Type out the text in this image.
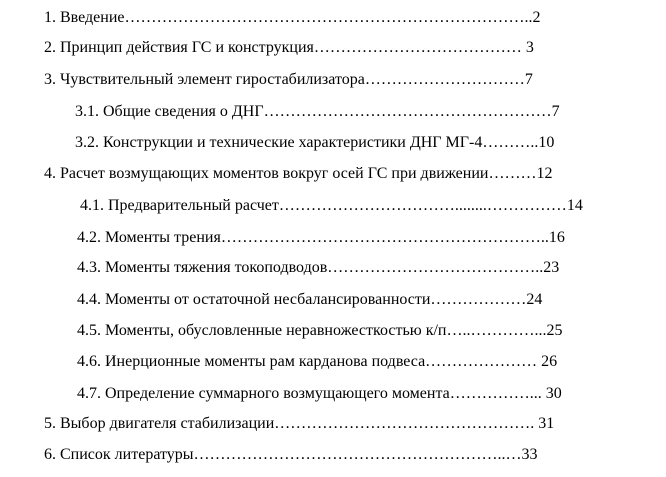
1. Введение…………………………………………………………………..2
2. Принцип действия ГС и конструкция………………………………… 3
3. Чувствительный элемент гиростабилизатора…………………………7
3.1. Общие сведения о ДНГ………………………………………………7
3.2. Конструкции и технические характеристики ДНГ МГ-4………..10
4. Расчет возмущающих моментов вокруг осей ГС при движении………12
4.1. Предварительный расчет……………………………........……………14
4.2. Моменты трения……………………………………………………..16
4.3. Моменты тяжения токоподводов…………………………………..23
4.4. Моменты от остаточной несбалансированности………………24
4.5. Моменты, обусловленные неравножесткостью к/п…..…………...25
4.6. Инерционные моменты рам карданова подвеса………………… 26
4.7. Определение суммарного возмущающего момента……………... 30
5. Выбор двигателя стабилизации…………………………………………. 31
6. Список литературы…………………………………………………..…33
